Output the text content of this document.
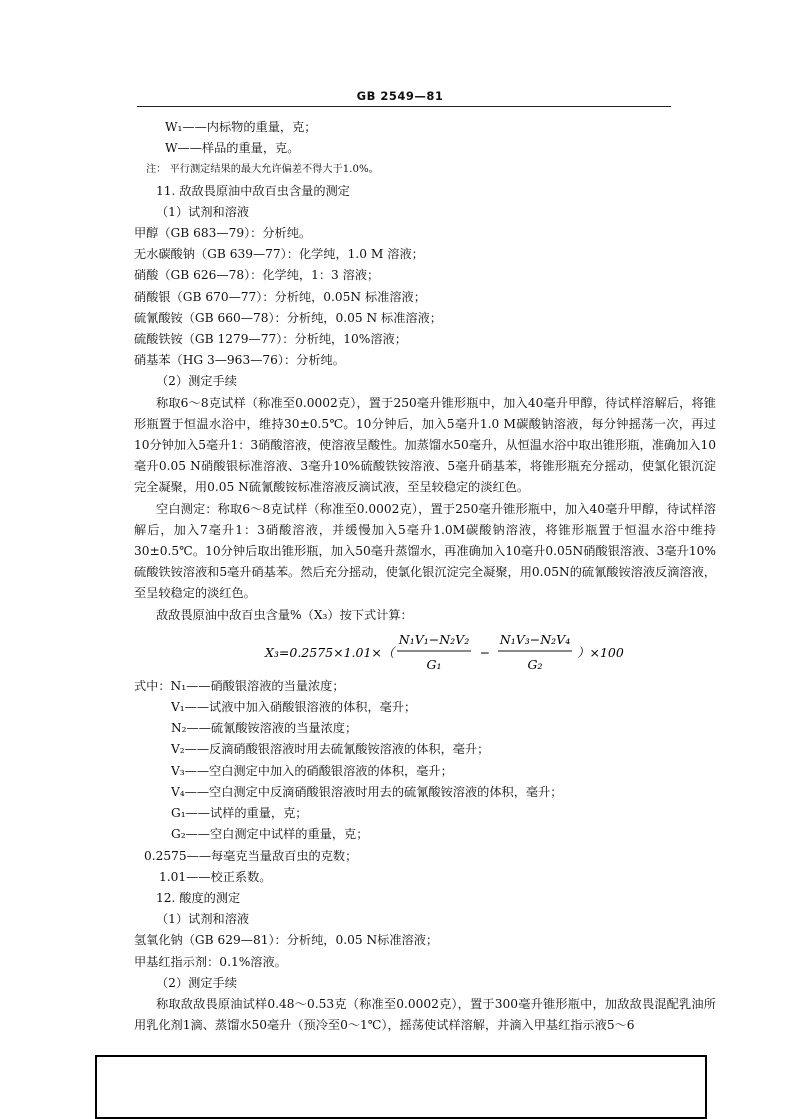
GB 2549—81

W₁——内标物的重量，克；

W——样品的重量，克。

注： 平行测定结果的最大允许偏差不得大于1.0%。

11. 敌敌畏原油中敌百虫含量的测定

（1）试剂和溶液

甲醇（GB 683—79）：分析纯。

无水碳酸钠（GB 639—77）：化学纯，1.0 M 溶液；

硝酸（GB 626—78）：化学纯，1：3 溶液；

硝酸银（GB 670—77）：分析纯，0.05N 标准溶液；

硫氰酸铵（GB 660—78）：分析纯，0.05 N 标准溶液；

硫酸铁铵（GB 1279—77）：分析纯，10%溶液；

硝基苯（HG 3—963—76）：分析纯。

（2）测定手续

称取6～8克试样（称准至0.0002克），置于250毫升锥形瓶中，加入40毫升甲醇，待试样溶解后，将锥形瓶置于恒温水浴中，维持30±0.5℃。10分钟后，加入5毫升1.0 M碳酸钠溶液，每分钟摇荡一次，再过10分钟加入5毫升1：3硝酸溶液，使溶液呈酸性。加蒸馏水50毫升，从恒温水浴中取出锥形瓶，准确加入10毫升0.05 N硝酸银标准溶液、3毫升10%硫酸铁铵溶液、5毫升硝基苯，将锥形瓶充分摇动，使氯化银沉淀完全凝聚，用0.05 N硫氰酸铵标准溶液反滴试液，至呈较稳定的淡红色。

空白测定：称取6～8克试样（称准至0.0002克），置于250毫升锥形瓶中，加入40毫升甲醇，待试样溶解后，加入7毫升1：3硝酸溶液，并缓慢加入5毫升1.0M碳酸钠溶液，将锥形瓶置于恒温水浴中维持30±0.5℃。10分钟后取出锥形瓶，加入50毫升蒸馏水，再准确加入10毫升0.05N硝酸银溶液、3毫升10%硫酸铁铵溶液和5毫升硝基苯。然后充分摇动，使氯化银沉淀完全凝聚，用0.05N的硫氰酸铵溶液反滴溶液，至呈较稳定的淡红色。

敌敌畏原油中敌百虫含量%（X₃）按下式计算：

X₃=0.2575×1.01×（
N₁V₁−N₂V₂
G₁
−
N₁V₃−N₂V₄
G₂
）×100

式中：N₁——硝酸银溶液的当量浓度；

V₁——试液中加入硝酸银溶液的体积，毫升；

N₂——硫氰酸铵溶液的当量浓度；

V₂——反滴硝酸银溶液时用去硫氰酸铵溶液的体积，毫升；

V₃——空白测定中加入的硝酸银溶液的体积，毫升；

V₄——空白测定中反滴硝酸银溶液时用去的硫氰酸铵溶液的体积，毫升；

G₁——试样的重量，克；

G₂——空白测定中试样的重量，克；

0.2575——每毫克当量敌百虫的克数；

1.01——校正系数。

12. 酸度的测定

（1）试剂和溶液

氢氧化钠（GB 629—81）：分析纯，0.05 N标准溶液；

甲基红指示剂：0.1%溶液。

（2）测定手续

称取敌敌畏原油试样0.48～0.53克（称准至0.0002克），置于300毫升锥形瓶中，加敌敌畏混配乳油所用乳化剂1滴、蒸馏水50毫升（预冷至0～1℃），摇荡使试样溶解，并滴入甲基红指示液5～6
